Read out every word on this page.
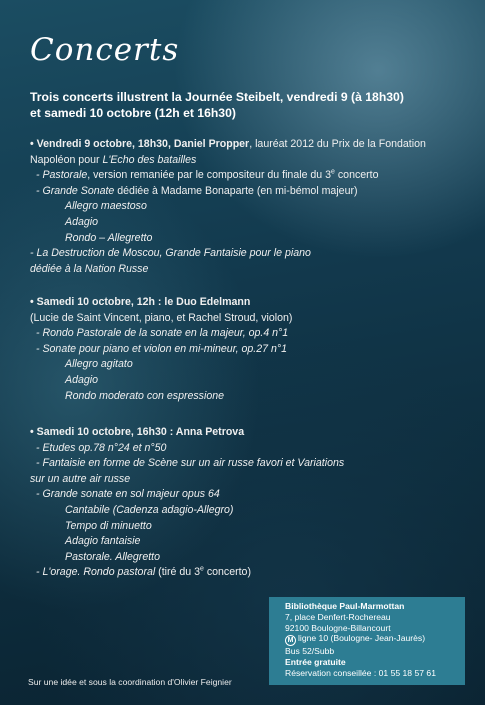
Concerts

Trois concerts illustrent la Journée Steibelt, vendredi 9 (à 18h30)
et samedi 10 octobre (12h et 16h30)

• Vendredi 9 octobre, 18h30, Daniel Propper, lauréat 2012 du Prix de la Fondation
Napoléon pour L'Echo des batailles
- Pastorale, version remaniée par le compositeur du finale du 3e concerto
- Grande Sonate dédiée à Madame Bonaparte (en mi-bémol majeur)
Allegro maestoso
Adagio
Rondo – Allegretto
- La Destruction de Moscou, Grande Fantaisie pour le piano
dédiée à la Nation Russe
• Samedi 10 octobre, 12h : le Duo Edelmann
(Lucie de Saint Vincent, piano, et Rachel Stroud, violon)
- Rondo Pastorale de la sonate en la majeur, op.4 n°1
- Sonate pour piano et violon en mi-mineur, op.27 n°1
Allegro agitato
Adagio
Rondo moderato con espressione
• Samedi 10 octobre, 16h30 : Anna Petrova
- Etudes op.78 n°24 et n°50
- Fantaisie en forme de Scène sur un air russe favori et Variations
sur un autre air russe
- Grande sonate en sol majeur opus 64
Cantabile (Cadenza adagio-Allegro)
Tempo di minuetto
Adagio fantaisie
Pastorale. Allegretto
- L'orage. Rondo pastoral (tiré du 3e concerto)
Bibliothèque Paul-Marmottan
7, place Denfert-Rochereau
92100 Boulogne-Billancourt
M ligne 10 (Boulogne- Jean-Jaurès)
Bus 52/Subb
Entrée gratuite
Réservation conseillée : 01 55 18 57 61
Sur une idée et sous la coordination d'Olivier Feignier
